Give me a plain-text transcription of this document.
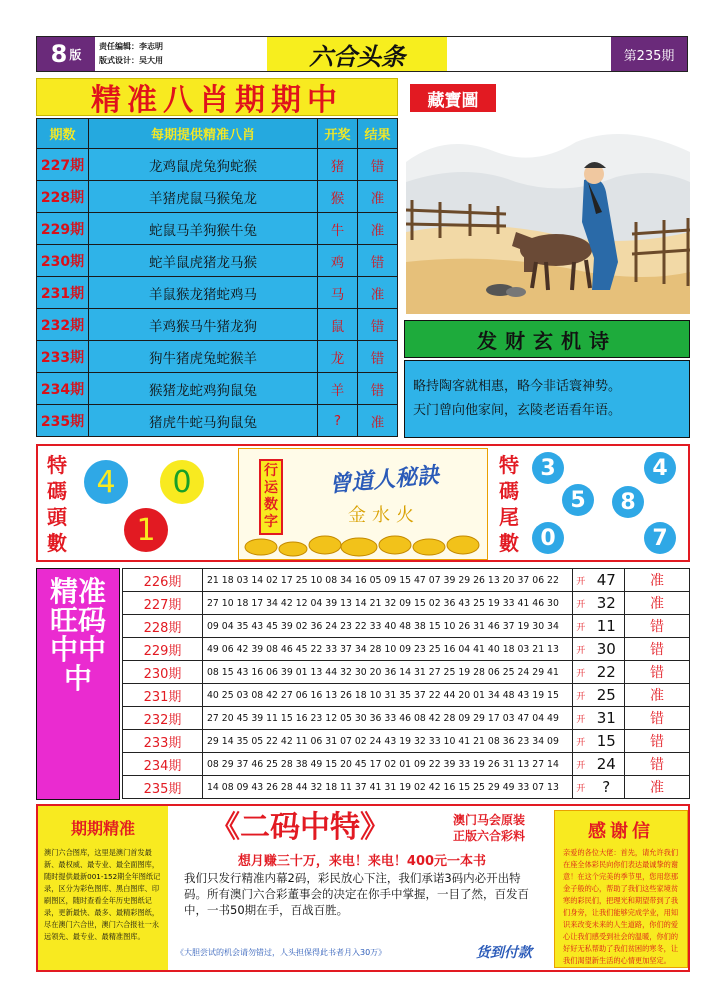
8 版
责任编辑：李志明
版式设计：吴大用	六合头条	第235期
精准八肖期期中
期数	每期提供精准八肖	开奖	结果
227期	龙鸡鼠虎兔狗蛇猴	猪	错
228期	羊猪虎鼠马猴兔龙	猴	准
229期	蛇鼠马羊狗猴牛兔	牛	准
230期	蛇羊鼠虎猪龙马猴	鸡	错
231期	羊鼠猴龙猪蛇鸡马	马	准
232期	羊鸡猴马牛猪龙狗	鼠	错
233期	狗牛猪虎兔蛇猴羊	龙	错
234期	猴猪龙蛇鸡狗鼠兔	羊	错
235期	猪虎牛蛇马狗鼠兔	?	准
藏寶圖
发财玄机诗
略持陶客就相惠，略今非话寰神势。
天门曾向他家间，玄陵老语看年语。
特碼頭數
4	0
1
行运数字
曾道人秘訣
金水火
特碼尾數
3	4
5	8
0	7
精准旺码中中中
226期	21 18 03 14 02 17 25 10 08 34 16 05 09 15 47 07 39 29 26 13 20 37 06 22	开	47	准
227期	27 10 18 17 34 42 12 04 39 13 14 21 32 09 15 02 36 43 25 19 33 41 46 30	开	32	准
228期	09 04 35 43 45 39 02 36 24 23 22 33 40 48 38 15 10 26 31 46 37 19 30 34	开	11	错
229期	49 06 42 39 08 46 45 22 33 37 34 28 10 09 23 25 16 04 41 40 18 03 21 13	开	30	错
230期	08 15 43 16 06 39 01 13 44 32 30 20 36 14 31 27 25 19 28 06 25 24 29 41	开	22	错
231期	40 25 03 08 42 27 06 16 13 26 18 10 31 35 37 22 44 20 01 34 48 43 19 15	开	25	准
232期	27 20 45 39 11 15 16 23 12 05 30 36 33 46 08 42 28 09 29 17 03 47 04 49	开	31	错
233期	29 14 35 05 22 42 11 06 31 07 02 24 43 19 32 33 10 41 21 08 36 23 34 09	开	15	错
234期	08 29 37 46 25 28 38 49 15 20 45 17 02 01 09 22 39 33 19 26 31 13 27 14	开	24	错
235期	14 08 09 43 26 28 44 32 18 11 37 41 31 19 02 42 16 15 25 29 49 33 07 13	开	?	准
期期精准
澳门六合图库，这里是澳门首发最新、最权威、最专业、最全面图库，随时提供最新001-152期全年图纸记录，区分为彩色图库、黑白图库、印刷图区，随时查看全年历史图纸记录，更新最快、最多、最精彩图纸，尽在澳门六合世，澳门六合报社一永远领先、最专业、最精准图库。
《二码中特》	澳门马会原装
正版六合彩料
想月赚三十万，来电！来电！400元一本书
我们只发行精准内幕2码，彩民放心下注，我们承诺3码内必开出特码。所有澳门六合彩董事会的决定在你手中掌握，一目了然，百发百中，一书50期在手，百战百胜。
《大胆尝试的机会请勿错过，人头担保得此书者月入30万》	货到付款
感谢信
亲爱的各位大佬：首先，请允许我们在座全体彩民向你们表达最诚挚的谢意！在这个完美的季节里，您用您那金子般的心，帮助了我们这些家境贫寒的彩民们，把理光和期望带到了我们身旁，让我们能够完成学业，用知识来改变未来的人生道路，你们的爱心让我们感受到社会的温暖，你们的好好无私帮助了我们贫困的寒冬，让我们渴望新生活的心情更加坚定。
